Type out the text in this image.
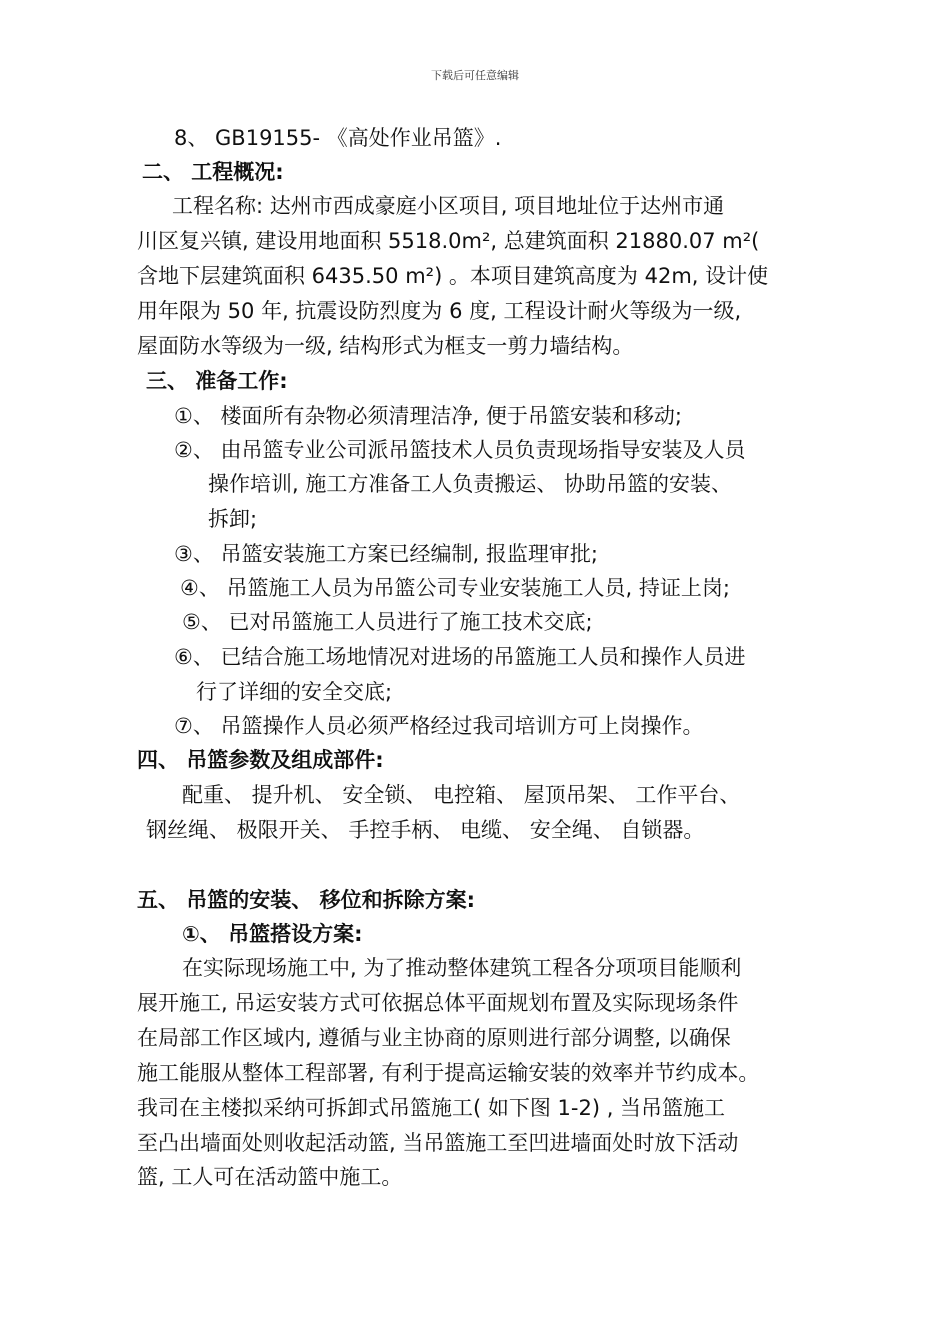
下载后可任意编辑
8、 GB19155- 《高处作业吊篮》.
二、 工程概况:
工程名称: 达州市西成豪庭小区项目, 项目地址位于达州市通
川区复兴镇, 建设用地面积 5518.0m², 总建筑面积 21880.07 m²(
含地下层建筑面积 6435.50 m²) 。本项目建筑高度为 42m, 设计使
用年限为 50 年, 抗震设防烈度为 6 度, 工程设计耐火等级为一级,
屋面防水等级为一级, 结构形式为框支一剪力墙结构。
三、 准备工作:
①、 楼面所有杂物必须清理洁净, 便于吊篮安装和移动;
②、 由吊篮专业公司派吊篮技术人员负责现场指导安装及人员
操作培训, 施工方准备工人负责搬运、 协助吊篮的安装、
拆卸;
③、 吊篮安装施工方案已经编制, 报监理审批;
④、 吊篮施工人员为吊篮公司专业安装施工人员, 持证上岗;
⑤、 已对吊篮施工人员进行了施工技术交底;
⑥、 已结合施工场地情况对进场的吊篮施工人员和操作人员进
行了详细的安全交底;
⑦、 吊篮操作人员必须严格经过我司培训方可上岗操作。
四、 吊篮参数及组成部件:
配重、 提升机、 安全锁、 电控箱、 屋顶吊架、 工作平台、
钢丝绳、 极限开关、 手控手柄、 电缆、 安全绳、 自锁器。
五、 吊篮的安装、 移位和拆除方案:
①、 吊篮搭设方案:
在实际现场施工中, 为了推动整体建筑工程各分项项目能顺利
展开施工, 吊运安装方式可依据总体平面规划布置及实际现场条件
在局部工作区域内, 遵循与业主协商的原则进行部分调整, 以确保
施工能服从整体工程部署, 有利于提高运输安装的效率并节约成本。
我司在主楼拟采纳可拆卸式吊篮施工( 如下图 1-2) , 当吊篮施工
至凸出墙面处则收起活动篮, 当吊篮施工至凹进墙面处时放下活动
篮, 工人可在活动篮中施工。
